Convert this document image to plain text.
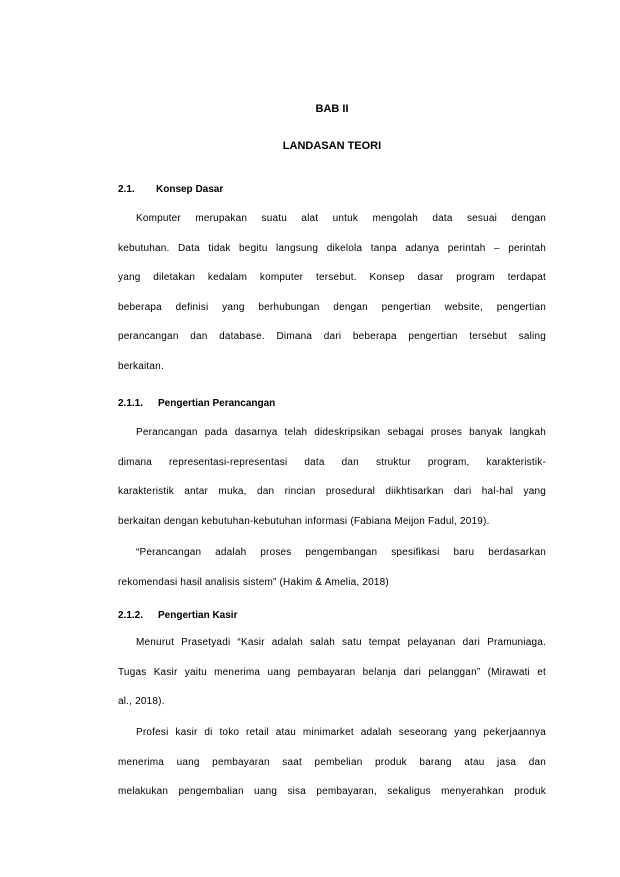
BAB II
LANDASAN TEORI
2.1. Konsep Dasar
Komputer merupakan suatu alat untuk mengolah data sesuai dengan
kebutuhan. Data tidak begitu langsung dikelola tanpa adanya perintah – perintah
yang diletakan kedalam komputer tersebut. Konsep dasar program terdapat
beberapa definisi yang berhubungan dengan pengertian website, pengertian
perancangan dan database. Dimana dari beberapa pengertian tersebut saling
berkaitan.
2.1.1. Pengertian Perancangan
Perancangan pada dasarnya telah dideskripsikan sebagai proses banyak langkah
dimana representasi-representasi data dan struktur program, karakteristik-
karakteristik antar muka, dan rincian prosedural diikhtisarkan dari hal-hal yang
berkaitan dengan kebutuhan-kebutuhan informasi (Fabiana Meijon Fadul, 2019).
“Perancangan adalah proses pengembangan spesifikasi baru berdasarkan
rekomendasi hasil analisis sistem” (Hakim & Amelia, 2018)
2.1.2. Pengertian Kasir
Menurut Prasetyadi “Kasir adalah salah satu tempat pelayanan dari Pramuniaga.
Tugas Kasir yaitu menerima uang pembayaran belanja dari pelanggan” (Mirawati et
al., 2018).
Profesi kasir di toko retail atau minimarket adalah seseorang yang pekerjaannya
menerima uang pembayaran saat pembelian produk barang atau jasa dan
melakukan pengembalian uang sisa pembayaran, sekaligus menyerahkan produk
